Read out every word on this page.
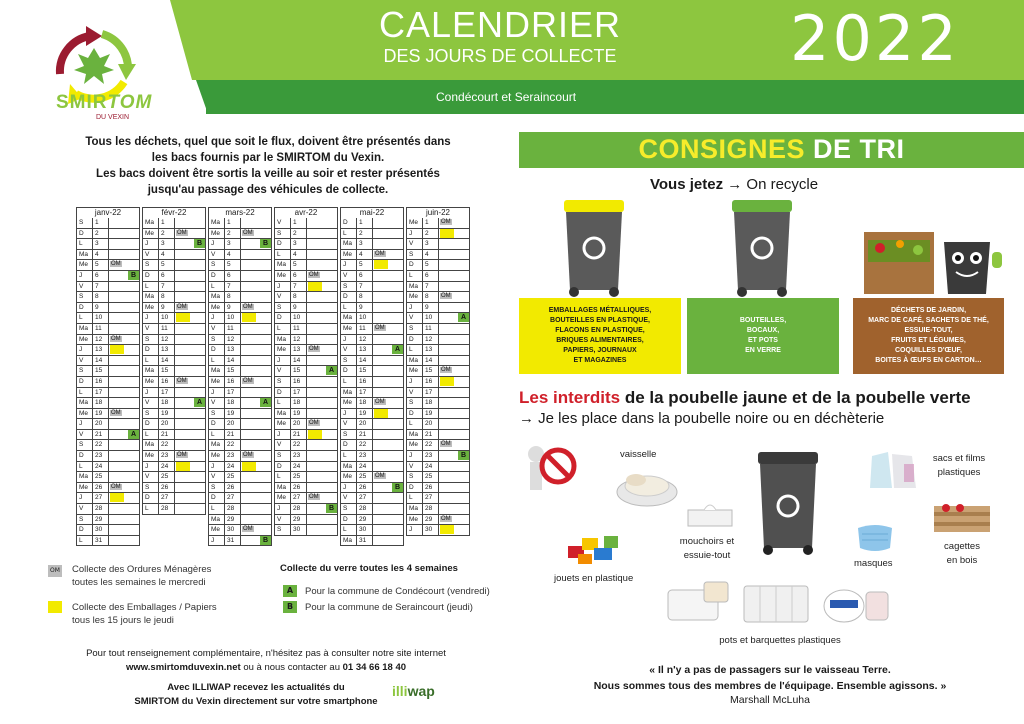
CALENDRIER
DES JOURS DE COLLECTE	2022
Condécourt et Seraincourt
SMIRTOM
DU VEXIN
Tous les déchets, quel que soit le flux, doivent être présentés dans
les bacs fournis par le SMIRTOM du Vexin.
Les bacs doivent être sortis la veille au soir et rester présentés
jusqu'au passage des véhicules de collecte.
janv-22
S	1
D	2
L	3
Ma	4
Me	5	OM
J	6	B
V	7
S	8
D	9
L	10
Ma	11
Me	12	OM
J	13
V	14
S	15
D	16
L	17
Ma	18
Me	19	OM
J	20
V	21	A
S	22
D	23
L	24
Ma	25
Me	26	OM
J	27
V	28
S	29
D	30
L	31
févr-22
Ma	1
Me	2	OM
J	3	B
V	4
S	5
D	6
L	7
Ma	8
Me	9	OM
J	10
V	11
S	12
D	13
L	14
Ma	15
Me	16	OM
J	17
V	18	A
S	19
D	20
L	21
Ma	22
Me	23	OM
J	24
V	25
S	26
D	27
L	28
mars-22
Ma	1
Me	2	OM
J	3	B
V	4
S	5
D	6
L	7
Ma	8
Me	9	OM
J	10
V	11
S	12
D	13
L	14
Ma	15
Me	16	OM
J	17
V	18	A
S	19
D	20
L	21
Ma	22
Me	23	OM
J	24
V	25
S	26
D	27
L	28
Ma	29
Me	30	OM
J	31	B
avr-22
V	1
S	2
D	3
L	4
Ma	5
Me	6	OM
J	7
V	8
S	9
D	10
L	11
Ma	12
Me	13	OM
J	14
V	15	A
S	16
D	17
L	18
Ma	19
Me	20	OM
J	21
V	22
S	23
D	24
L	25
Ma	26
Me	27	OM
J	28	B
V	29
S	30
mai-22
D	1
L	2
Ma	3
Me	4	OM
J	5
V	6
S	7
D	8
L	9
Ma	10
Me	11	OM
J	12
V	13	A
S	14
D	15
L	16
Ma	17
Me	18	OM
J	19
V	20
S	21
D	22
L	23
Ma	24
Me	25	OM
J	26	B
V	27
S	28
D	29
L	30
Ma	31
juin-22
Me	1	OM
J	2
V	3
S	4
D	5
L	6
Ma	7
Me	8	OM
J	9
V	10	A
S	11
D	12
L	13
Ma	14
Me	15	OM
J	16
V	17
S	18
D	19
L	20
Ma	21
Me	22	OM
J	23	B
V	24
S	25
D	26
L	27
Ma	28
Me	29	OM
J	30
OM Collecte des Ordures Ménagères
toutes les semaines le mercredi
Collecte des Emballages / Papiers
tous les 15 jours le jeudi
Collecte du verre toutes les 4 semaines
A	Pour la commune de Condécourt (vendredi)
B	Pour la commune de Seraincourt (jeudi)
Pour tout renseignement complémentaire, n'hésitez pas à consulter notre site internet
www.smirtomduvexin.net ou à nous contacter au 01 34 66 18 40
Avec ILLIWAP recevez les actualités du
SMIRTOM du Vexin directement sur votre smartphone
illiwap
CONSIGNES DE TRI
Vous jetez → On recycle
EMBALLAGES MÉTALLIQUES,
BOUTEILLES EN PLASTIQUE,
FLACONS EN PLASTIQUE,
BRIQUES ALIMENTAIRES,
PAPIERS, JOURNAUX
ET MAGAZINES
BOUTEILLES,
BOCAUX,
ET POTS
EN VERRE
DÉCHETS DE JARDIN,
MARC DE CAFÉ, SACHETS DE THÉ,
ESSUIE-TOUT,
FRUITS ET LÉGUMES,
COQUILLES D'ŒUF,
BOITES À ŒUFS EN CARTON…
Les interdits de la poubelle jaune et de la poubelle verte
→ Je les place dans la poubelle noire ou en déchèterie
vaisselle	sacs et films
plastiques
mouchoirs et
essuie-tout
cagettes
en bois
jouets en plastique
masques
pots et barquettes plastiques
« Il n'y a pas de passagers sur le vaisseau Terre.
Nous sommes tous des membres de l'équipage. Ensemble agissons. »
Marshall McLuha
